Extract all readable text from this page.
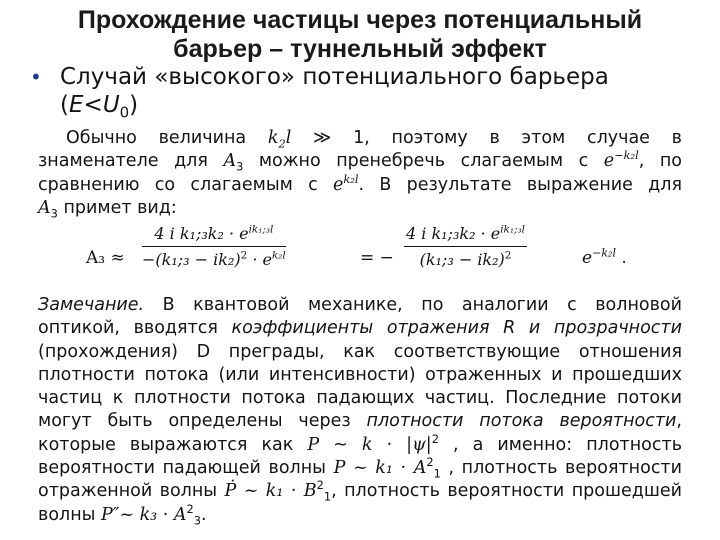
Прохождение частицы через потенциальный
барьер – туннельный эффект
• Случай «высокого» потенциального барьера
$(E<U_0)$
Обычно величина $k_2l$ ≫ 1, поэтому в этом случае в
знаменателе для $A_3$ можно пренебречь слагаемым с $e^{-k_2l}$, по
сравнению со слагаемым с $e^{k_2l}$. В результате выражение для
$A_3$ примет вид:
A₃ ≈
4 i k₁;₃k₂ · $e^{ik_1;_3l}$
−(k₁;₃ − $ik_2)^2 \cdot e^{k_2l}$	= −
4 i k₁;₃k₂ · $e^{ik_1;_3l}$
(k₁;₃ − ik₂)$^2$	$e^{-k_2l}$ .
Замечание. В квантовой механике, по аналогии с волновой
оптикой, вводятся коэффициенты отражения R и прозрачности
(прохождения) D преграды, как соответствующие отношения
плотности потока (или интенсивности) отраженных и прошедших
частиц к плотности потока падающих частиц. Последние потоки
могут быть определены через плотности потока вероятности,
которые выражаются как P ~ $k \cdot |\psi|^2$ , а именно: плотность
вероятности падающей волны P ~ $k_1 \cdot A^2_1$ , плотность вероятности
отраженной волны Ṗ ~ $k_1 \cdot B^2_1$, плотность вероятности прошедшей
волны P″~ $k_3 \cdot A^2_3$.
